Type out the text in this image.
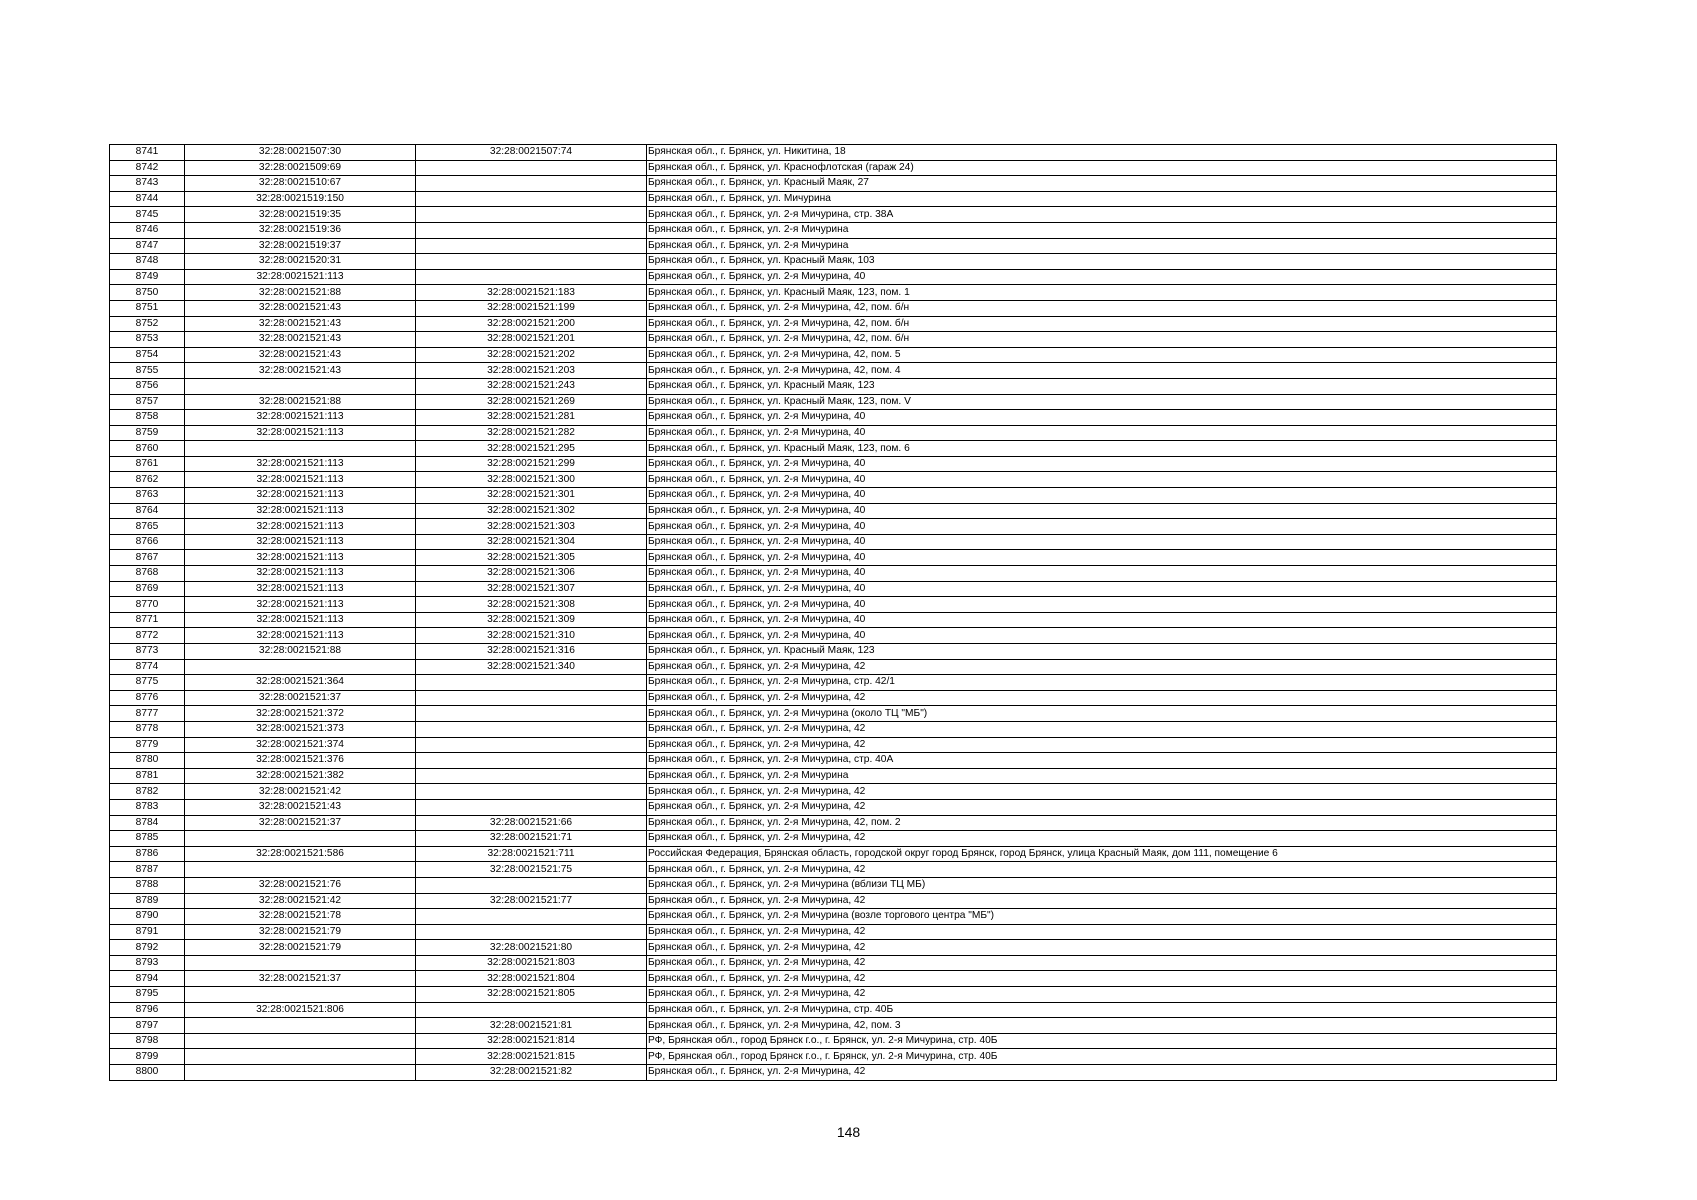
8741	32:28:0021507:30	32:28:0021507:74	Брянская обл., г. Брянск, ул. Никитина, 18
8742	32:28:0021509:69		Брянская обл., г. Брянск, ул. Краснофлотская (гараж 24)
8743	32:28:0021510:67		Брянская обл., г. Брянск, ул. Красный Маяк, 27
8744	32:28:0021519:150		Брянская обл., г. Брянск, ул. Мичурина
8745	32:28:0021519:35		Брянская обл., г. Брянск, ул. 2-я Мичурина, стр. 38А
8746	32:28:0021519:36		Брянская обл., г. Брянск, ул. 2-я Мичурина
8747	32:28:0021519:37		Брянская обл., г. Брянск, ул. 2-я Мичурина
8748	32:28:0021520:31		Брянская обл., г. Брянск, ул. Красный Маяк, 103
8749	32:28:0021521:113		Брянская обл., г. Брянск, ул. 2-я Мичурина, 40
8750	32:28:0021521:88	32:28:0021521:183	Брянская обл., г. Брянск, ул. Красный Маяк, 123, пом. 1
8751	32:28:0021521:43	32:28:0021521:199	Брянская обл., г. Брянск, ул. 2-я Мичурина, 42, пом. б/н
8752	32:28:0021521:43	32:28:0021521:200	Брянская обл., г. Брянск, ул. 2-я Мичурина, 42, пом. б/н
8753	32:28:0021521:43	32:28:0021521:201	Брянская обл., г. Брянск, ул. 2-я Мичурина, 42, пом. б/н
8754	32:28:0021521:43	32:28:0021521:202	Брянская обл., г. Брянск, ул. 2-я Мичурина, 42, пом. 5
8755	32:28:0021521:43	32:28:0021521:203	Брянская обл., г. Брянск, ул. 2-я Мичурина, 42, пом. 4
8756		32:28:0021521:243	Брянская обл., г. Брянск, ул. Красный Маяк, 123
8757	32:28:0021521:88	32:28:0021521:269	Брянская обл., г. Брянск, ул. Красный Маяк, 123, пом. V
8758	32:28:0021521:113	32:28:0021521:281	Брянская обл., г. Брянск, ул. 2-я Мичурина, 40
8759	32:28:0021521:113	32:28:0021521:282	Брянская обл., г. Брянск, ул. 2-я Мичурина, 40
8760		32:28:0021521:295	Брянская обл., г. Брянск, ул. Красный Маяк, 123, пом. 6
8761	32:28:0021521:113	32:28:0021521:299	Брянская обл., г. Брянск, ул. 2-я Мичурина, 40
8762	32:28:0021521:113	32:28:0021521:300	Брянская обл., г. Брянск, ул. 2-я Мичурина, 40
8763	32:28:0021521:113	32:28:0021521:301	Брянская обл., г. Брянск, ул. 2-я Мичурина, 40
8764	32:28:0021521:113	32:28:0021521:302	Брянская обл., г. Брянск, ул. 2-я Мичурина, 40
8765	32:28:0021521:113	32:28:0021521:303	Брянская обл., г. Брянск, ул. 2-я Мичурина, 40
8766	32:28:0021521:113	32:28:0021521:304	Брянская обл., г. Брянск, ул. 2-я Мичурина, 40
8767	32:28:0021521:113	32:28:0021521:305	Брянская обл., г. Брянск, ул. 2-я Мичурина, 40
8768	32:28:0021521:113	32:28:0021521:306	Брянская обл., г. Брянск, ул. 2-я Мичурина, 40
8769	32:28:0021521:113	32:28:0021521:307	Брянская обл., г. Брянск, ул. 2-я Мичурина, 40
8770	32:28:0021521:113	32:28:0021521:308	Брянская обл., г. Брянск, ул. 2-я Мичурина, 40
8771	32:28:0021521:113	32:28:0021521:309	Брянская обл., г. Брянск, ул. 2-я Мичурина, 40
8772	32:28:0021521:113	32:28:0021521:310	Брянская обл., г. Брянск, ул. 2-я Мичурина, 40
8773	32:28:0021521:88	32:28:0021521:316	Брянская обл., г. Брянск, ул. Красный Маяк, 123
8774		32:28:0021521:340	Брянская обл., г. Брянск, ул. 2-я Мичурина, 42
8775	32:28:0021521:364		Брянская обл., г. Брянск, ул. 2-я Мичурина, стр. 42/1
8776	32:28:0021521:37		Брянская обл., г. Брянск, ул. 2-я Мичурина, 42
8777	32:28:0021521:372		Брянская обл., г. Брянск, ул. 2-я Мичурина (около ТЦ "МБ")
8778	32:28:0021521:373		Брянская обл., г. Брянск, ул. 2-я Мичурина, 42
8779	32:28:0021521:374		Брянская обл., г. Брянск, ул. 2-я Мичурина, 42
8780	32:28:0021521:376		Брянская обл., г. Брянск, ул. 2-я Мичурина, стр. 40А
8781	32:28:0021521:382		Брянская обл., г. Брянск, ул. 2-я Мичурина
8782	32:28:0021521:42		Брянская обл., г. Брянск, ул. 2-я Мичурина, 42
8783	32:28:0021521:43		Брянская обл., г. Брянск, ул. 2-я Мичурина, 42
8784	32:28:0021521:37	32:28:0021521:66	Брянская обл., г. Брянск, ул. 2-я Мичурина, 42, пом. 2
8785		32:28:0021521:71	Брянская обл., г. Брянск, ул. 2-я Мичурина, 42
8786	32:28:0021521:586	32:28:0021521:711	Российская Федерация, Брянская область, городской округ город Брянск, город Брянск, улица Красный Маяк, дом 111, помещение 6
8787		32:28:0021521:75	Брянская обл., г. Брянск, ул. 2-я Мичурина, 42
8788	32:28:0021521:76		Брянская обл., г. Брянск, ул. 2-я Мичурина (вблизи ТЦ МБ)
8789	32:28:0021521:42	32:28:0021521:77	Брянская обл., г. Брянск, ул. 2-я Мичурина, 42
8790	32:28:0021521:78		Брянская обл., г. Брянск, ул. 2-я Мичурина (возле торгового центра "МБ")
8791	32:28:0021521:79		Брянская обл., г. Брянск, ул. 2-я Мичурина, 42
8792	32:28:0021521:79	32:28:0021521:80	Брянская обл., г. Брянск, ул. 2-я Мичурина, 42
8793		32:28:0021521:803	Брянская обл., г. Брянск, ул. 2-я Мичурина, 42
8794	32:28:0021521:37	32:28:0021521:804	Брянская обл., г. Брянск, ул. 2-я Мичурина, 42
8795		32:28:0021521:805	Брянская обл., г. Брянск, ул. 2-я Мичурина, 42
8796	32:28:0021521:806		Брянская обл., г. Брянск, ул. 2-я Мичурина, стр. 40Б
8797		32:28:0021521:81	Брянская обл., г. Брянск, ул. 2-я Мичурина, 42, пом. 3
8798		32:28:0021521:814	РФ, Брянская обл., город Брянск г.о., г. Брянск, ул. 2-я Мичурина, стр. 40Б
8799		32:28:0021521:815	РФ, Брянская обл., город Брянск г.о., г. Брянск, ул. 2-я Мичурина, стр. 40Б
8800		32:28:0021521:82	Брянская обл., г. Брянск, ул. 2-я Мичурина, 42
148
